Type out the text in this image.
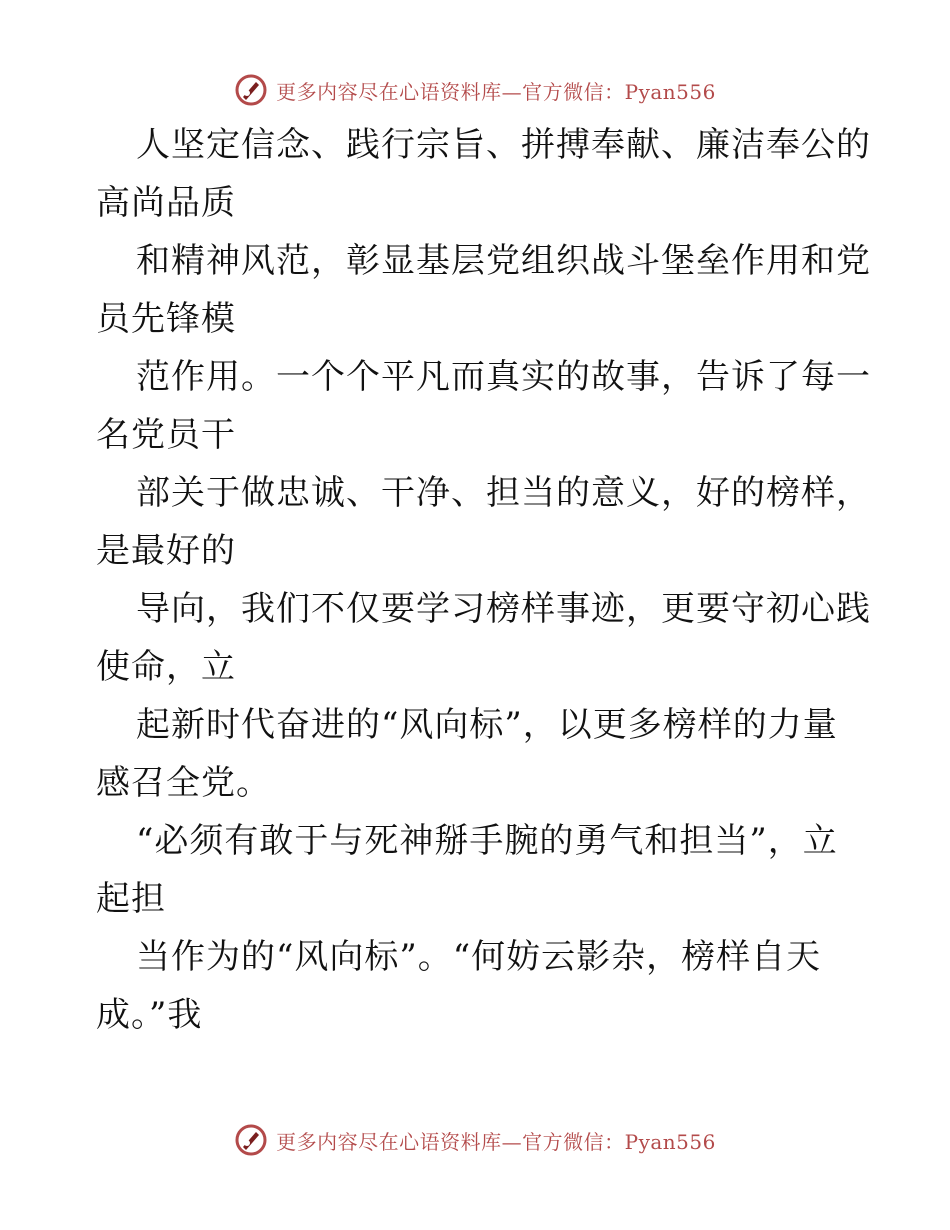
更多内容尽在心语资料库—官方微信：Pyan556
人坚定信念、践行宗旨、拼搏奉献、廉洁奉公的
高尚品质
和精神风范，彰显基层党组织战斗堡垒作用和党
员先锋模
范作用。一个个平凡而真实的故事，告诉了每一
名党员干
部关于做忠诚、干净、担当的意义，好的榜样，
是最好的
导向，我们不仅要学习榜样事迹，更要守初心践
使命，立
起新时代奋进的“风向标”，以更多榜样的力量
感召全党。
“必须有敢于与死神掰手腕的勇气和担当”，立
起担
当作为的“风向标”。“何妨云影杂，榜样自天
成。”我
更多内容尽在心语资料库—官方微信：Pyan556
